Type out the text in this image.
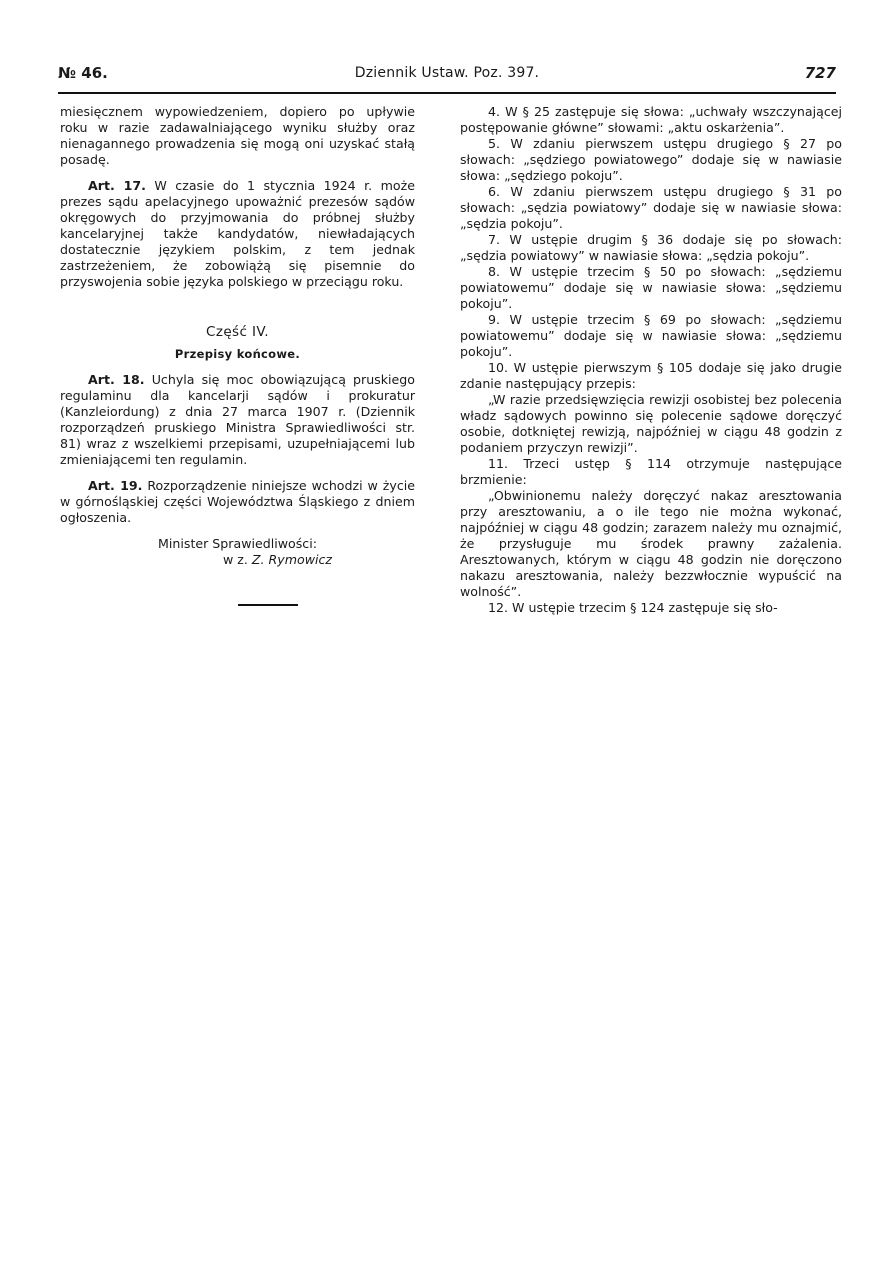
№ 46.	Dziennik Ustaw. Poz. 397.	727

miesięcznem wypowiedzeniem, dopiero po upływie roku w razie zadawalniającego wyniku służby oraz nienagannego prowadzenia się mogą oni uzyskać stałą posadę.

Art. 17. W czasie do 1 stycznia 1924 r. może prezes sądu apelacyjnego upoważnić prezesów sądów okręgowych do przyjmowania do próbnej służby kancelaryjnej także kandydatów, niewładających dostatecznie językiem polskim, z tem jednak zastrzeżeniem, że zobowiążą się pisemnie do przyswojenia sobie języka polskiego w przeciągu roku.

Część IV.
Przepisy końcowe.

Art. 18. Uchyla się moc obowiązującą pruskiego regulaminu dla kancelarji sądów i prokuratur (Kanzleiordung) z dnia 27 marca 1907 r. (Dziennik rozporządzeń pruskiego Ministra Sprawiedliwości str. 81) wraz z wszelkiemi przepisami, uzupełniającemi lub zmieniającemi ten regulamin.

Art. 19. Rozporządzenie niniejsze wchodzi w życie w górnośląskiej części Województwa Śląskiego z dniem ogłoszenia.

Minister Sprawiedliwości:
w z. Z. Rymowicz

4. W § 25 zastępuje się słowa: „uchwały wszczynającej postępowanie główne” słowami: „aktu oskarżenia”.

5. W zdaniu pierwszem ustępu drugiego § 27 po słowach: „sędziego powiatowego” dodaje się w nawiasie słowa: „sędziego pokoju”.

6. W zdaniu pierwszem ustępu drugiego § 31 po słowach: „sędzia powiatowy” dodaje się w nawiasie słowa: „sędzia pokoju”.

7. W ustępie drugim § 36 dodaje się po słowach: „sędzia powiatowy” w nawiasie słowa: „sędzia pokoju”.

8. W ustępie trzecim § 50 po słowach: „sędziemu powiatowemu” dodaje się w nawiasie słowa: „sędziemu pokoju”.

9. W ustępie trzecim § 69 po słowach: „sędziemu powiatowemu” dodaje się w nawiasie słowa: „sędziemu pokoju”.

10. W ustępie pierwszym § 105 dodaje się jako drugie zdanie następujący przepis:

„W razie przedsięwzięcia rewizji osobistej bez polecenia władz sądowych powinno się polecenie sądowe doręczyć osobie, dotkniętej rewizją, najpóźniej w ciągu 48 godzin z podaniem przyczyn rewizji”.

11. Trzeci ustęp § 114 otrzymuje następujące brzmienie:

„Obwinionemu należy doręczyć nakaz aresztowania przy aresztowaniu, a o ile tego nie można wykonać, najpóźniej w ciągu 48 godzin; zarazem należy mu oznajmić, że przysługuje mu środek prawny zażalenia. Aresztowanych, którym w ciągu 48 godzin nie doręczono nakazu aresztowania, należy bezzwłocznie wypuścić na wolność”.

12. W ustępie trzecim § 124 zastępuje się sło-
